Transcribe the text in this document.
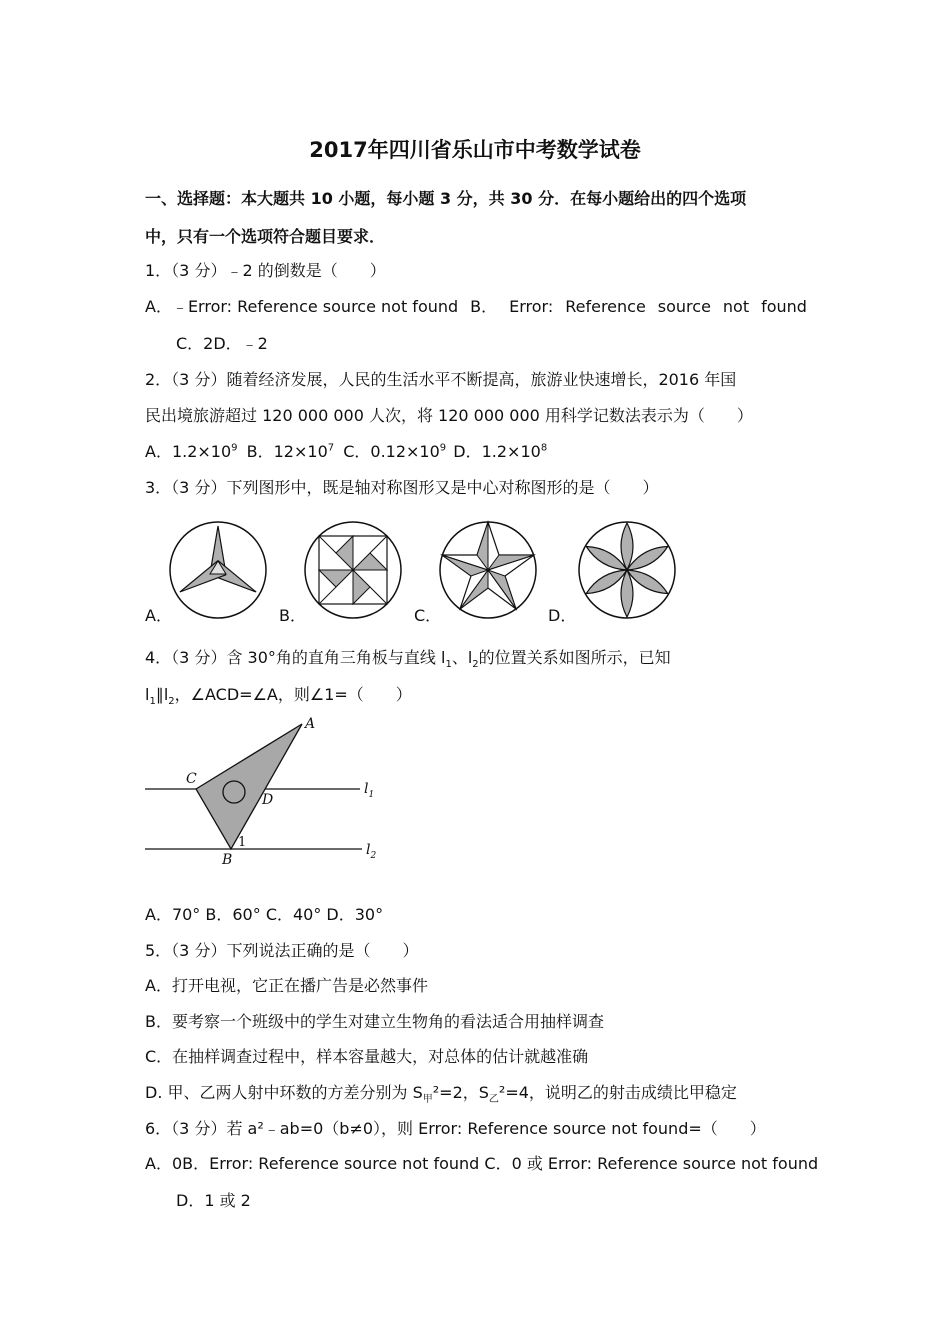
2017年四川省乐山市中考数学试卷
一、选择题：本大题共 10 小题，每小题 3 分，共 30 分．在每小题给出的四个选项
中，只有一个选项符合题目要求．
1．（3 分）﹣2 的倒数是（　　）
A．﹣Error: Reference source not found B． Error: Reference source not found
C．2D．﹣2
2．（3 分）随着经济发展，人民的生活水平不断提高，旅游业快速增长，2016 年国
民出境旅游超过 120 000 000 人次，将 120 000 000 用科学记数法表示为（　　）
A．$1.2\times 10^9$ B．$12\times 10^7$ C．$0.12\times 10^9$ D．$1.2\times 10^8$
3．（3 分）下列图形中，既是轴对称图形又是中心对称图形的是（　　）
A．	B．	C．	D．
4．（3 分）含 30°角的直角三角板与直线 $l_1$、$l_2$的位置关系如图所示，已知
$l_1\parallel l_2$，∠ACD=∠A，则∠1=（　　）
A
C
D
B
1
$l_1$
$l_2$
A．70° B．60° C．40° D．30°
5．（3 分）下列说法正确的是（　　）
A．打开电视，它正在播广告是必然事件
B．要考察一个班级中的学生对建立生物角的看法适合用抽样调查
C．在抽样调查过程中，样本容量越大，对总体的估计就越准确
D. 甲、乙两人射中环数的方差分别为 $S_甲^2=2$，$S_乙^2=4$，说明乙的射击成绩比甲稳定
6．（3 分）若 a²﹣ab=0（b≠0），则 Error: Reference source not found=（　　）
A．0B．Error: Reference source not found C．0 或 Error: Reference source not found
D．1 或 2
